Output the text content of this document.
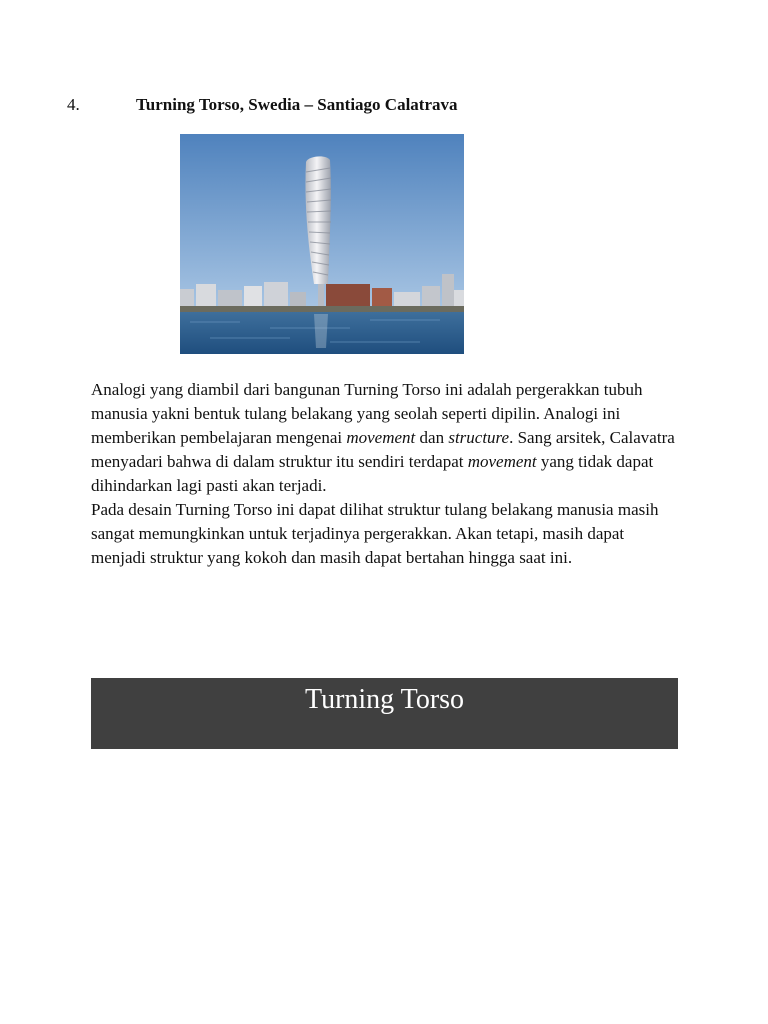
4.	Turning Torso, Swedia – Santiago Calatrava

Analogi yang diambil dari bangunan Turning Torso ini adalah pergerakkan tubuh manusia yakni bentuk tulang belakang yang seolah seperti dipilin. Analogi ini memberikan pembelajaran mengenai movement dan structure. Sang arsitek, Calavatra menyadari bahwa di dalam struktur itu sendiri terdapat movement yang tidak dapat dihindarkan lagi pasti akan terjadi.

Pada desain Turning Torso ini dapat dilihat struktur tulang belakang manusia masih sangat memungkinkan untuk terjadinya pergerakkan. Akan tetapi, masih dapat menjadi struktur yang kokoh dan masih dapat bertahan hingga saat ini.

Turning Torso
